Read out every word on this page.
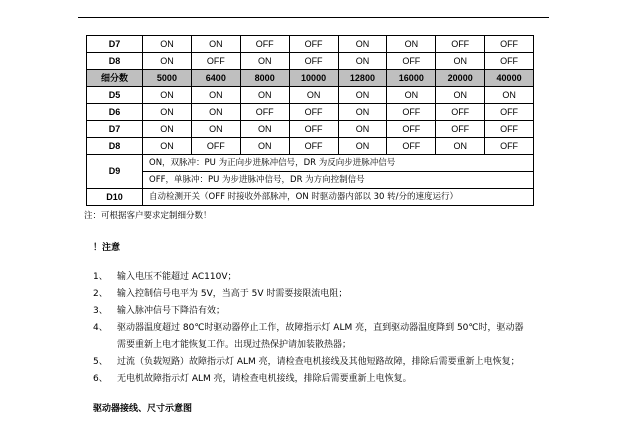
D7	ON	ON	OFF	OFF	ON	ON	OFF	OFF
D8	ON	OFF	ON	OFF	ON	OFF	ON	OFF
细分数	5000	6400	8000	10000	12800	16000	20000	40000
D5	ON	ON	ON	ON	ON	ON	ON	ON
D6	ON	ON	OFF	OFF	ON	OFF	OFF	OFF
D7	ON	ON	ON	OFF	ON	OFF	OFF	OFF
D8	ON	OFF	ON	OFF	ON	OFF	ON	OFF
D9	ON，双脉冲：PU 为正向步进脉冲信号，DR 为反向步进脉冲信号							
	OFF，单脉冲：PU 为步进脉冲信号，DR 为方向控制信号							
D10	自动检测开关（OFF 时接收外部脉冲，ON 时驱动器内部以 30 转/分的速度运行）							
注：可根据客户要求定制细分数！
！注意
1、	输入电压不能超过 AC110V；
2、	输入控制信号电平为 5V，当高于 5V 时需要接限流电阻；
3、	输入脉冲信号下降沿有效；
4、	驱动器温度超过 80℃时驱动器停止工作，故障指示灯 ALM 亮，直到驱动器温度降到 50℃时，驱动器
需要重新上电才能恢复工作。出现过热保护请加装散热器；
5、	过流（负载短路）故障指示灯 ALM 亮，请检查电机接线及其他短路故障，排除后需要重新上电恢复；
6、	无电机故障指示灯 ALM 亮，请检查电机接线，排除后需要重新上电恢复。
驱动器接线、尺寸示意图
